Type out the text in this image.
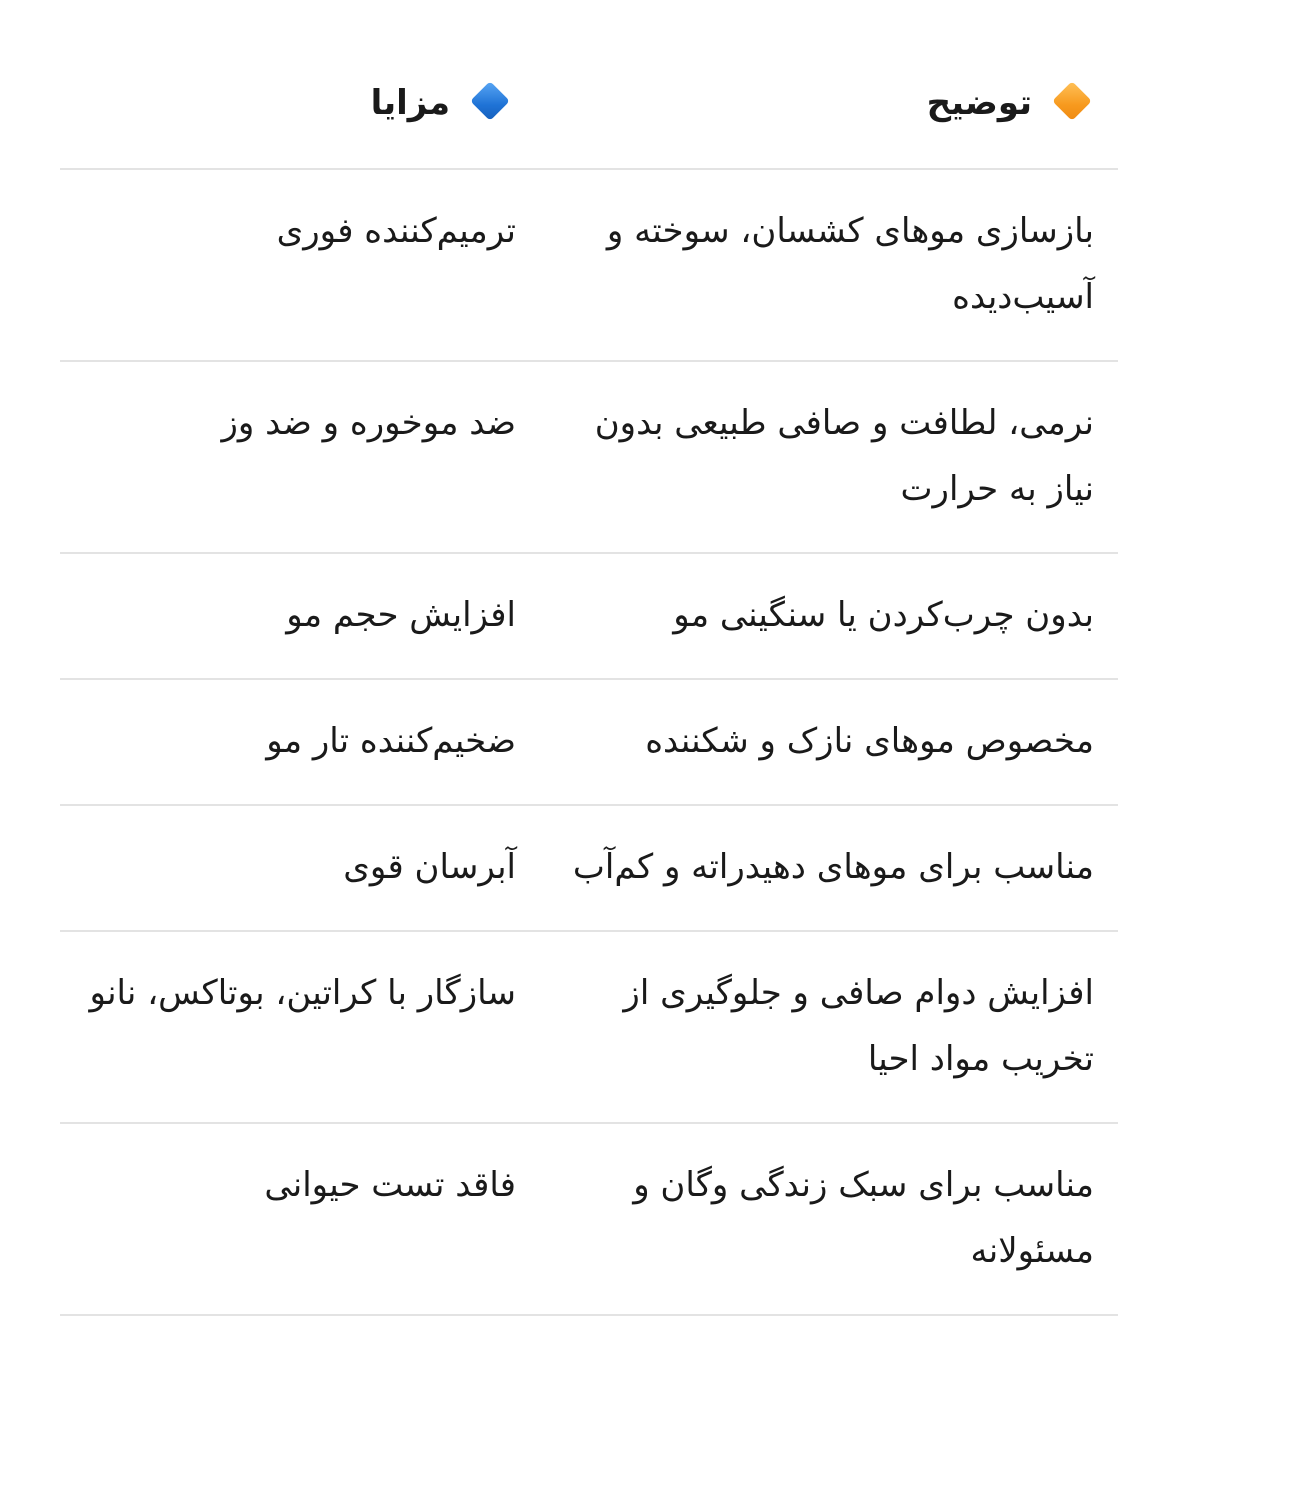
توضیح	مزایا
بازسازی موهای کشسان، سوخته و آسیب‌دیده	ترمیم‌کننده فوری
نرمی، لطافت و صافی طبیعی بدون نیاز به حرارت	ضد موخوره و ضد وز
بدون چرب‌کردن یا سنگینی مو	افزایش حجم مو
مخصوص موهای نازک و شکننده	ضخیم‌کننده تار مو
مناسب برای موهای دهیدراته و کم‌آب	آبرسان قوی
افزایش دوام صافی و جلوگیری از تخریب مواد احیا	سازگار با کراتین، بوتاکس، نانو
مناسب برای سبک زندگی وگان و مسئولانه	فاقد تست حیوانی
